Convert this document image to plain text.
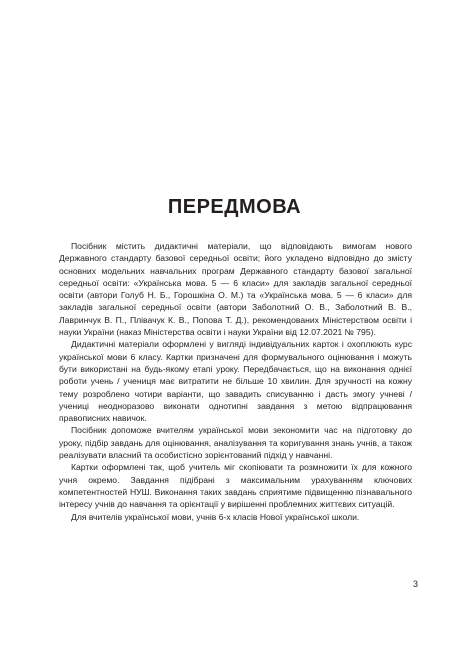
ПЕРЕДМОВА

Посібник містить дидактичні матеріали, що відповідають вимогам нового Державного стандарту базової середньої освіти; його укладено відповідно до змісту основних модельних навчальних програм Державного стандарту базової загальної середньої освіти: «Українська мова. 5 — 6 класи» для закладів загальної середньої освіти (автори Голуб Н. Б., Горошкіна О. М.) та «Українська мова. 5 — 6 класи» для закладів загальної середньої освіти (автори Заболотний О. В., Заболотний В. В., Лавринчук В. П., Плівачук К. В., Попова Т. Д.), рекомендованих Міністерством освіти і науки України (наказ Міністерства освіти і науки України від 12.07.2021 № 795).

Дидактичні матеріали оформлені у вигляді індивідуальних карток і охоплюють курс української мови 6 класу. Картки призначені для формувального оцінювання і можуть бути використані на будь-якому етапі уроку. Передбачається, що на виконання однієї роботи учень / учениця має витратити не більше 10 хвилин. Для зручності на кожну тему розроблено чотири варіанти, що завадить списуванню і дасть змогу учневі / учениці неодноразово виконати однотипні завдання з метою відпрацювання правописних навичок.

Посібник допоможе вчителям української мови зекономити час на підготовку до уроку, підбір завдань для оцінювання, аналізування та коригування знань учнів, а також реалізувати власний та особистісно зорієнтований підхід у навчанні.

Картки оформлені так, щоб учитель міг скопіювати та розмножити їх для кожного учня окремо. Завдання підібрані з максимальним урахуванням ключових компетентностей НУШ. Виконання таких завдань сприятиме підвищенню пізнавального інтересу учнів до навчання та орієнтації у вирішенні проблемних життєвих ситуацій.

Для вчителів української мови, учнів 6-х класів Нової української школи.

3
